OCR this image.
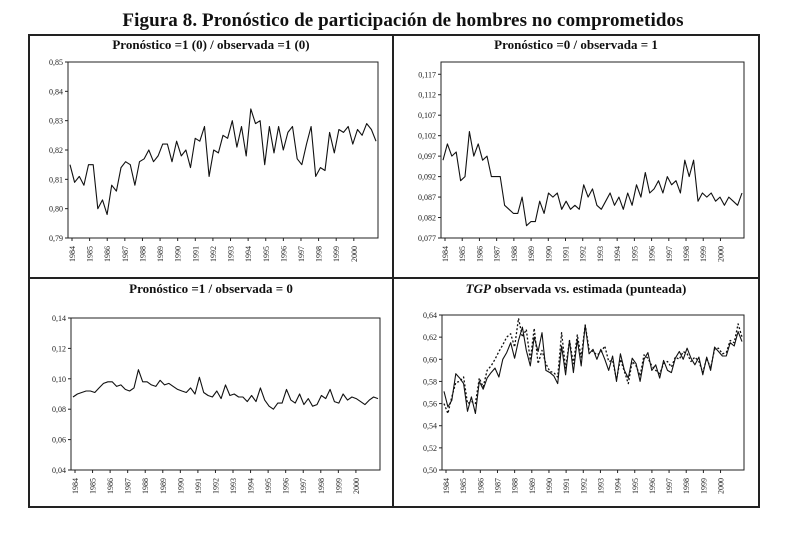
Figura 8. Pronóstico de participación de hombres no comprometidos
Pronóstico =1 (0) / observada =1 (0)	Pronóstico =0 / observada = 1
Pronóstico =1 / observada = 0	TGP observada vs. estimada (punteada)
0,79
0,80
0,81
0,82
0,83
0,84
0,85
1984 1985 1986 1987 1988 1989 1990 1991 1992 1993 1994 1995 1996 1997 1998 1999 2000
0,077
0,082
0,087
0,092
0,097
0,102
0,107
0,112
0,117
1984 1985 1986 1987 1988 1989 1990 1991 1992 1993 1994 1995 1996 1997 1998 1999 2000
0,04
0,06
0,08
0,10
0,12
0,14
1984 1985 1986 1987 1988 1989 1990 1991 1992 1993 1994 1995 1996 1997 1998 1999 2000
0,50
0,52
0,54
0,56
0,58
0,60
0,62
0,64
1984 1985 1986 1987 1988 1989 1990 1991 1992 1993 1994 1995 1996 1997 1998 1999 2000
